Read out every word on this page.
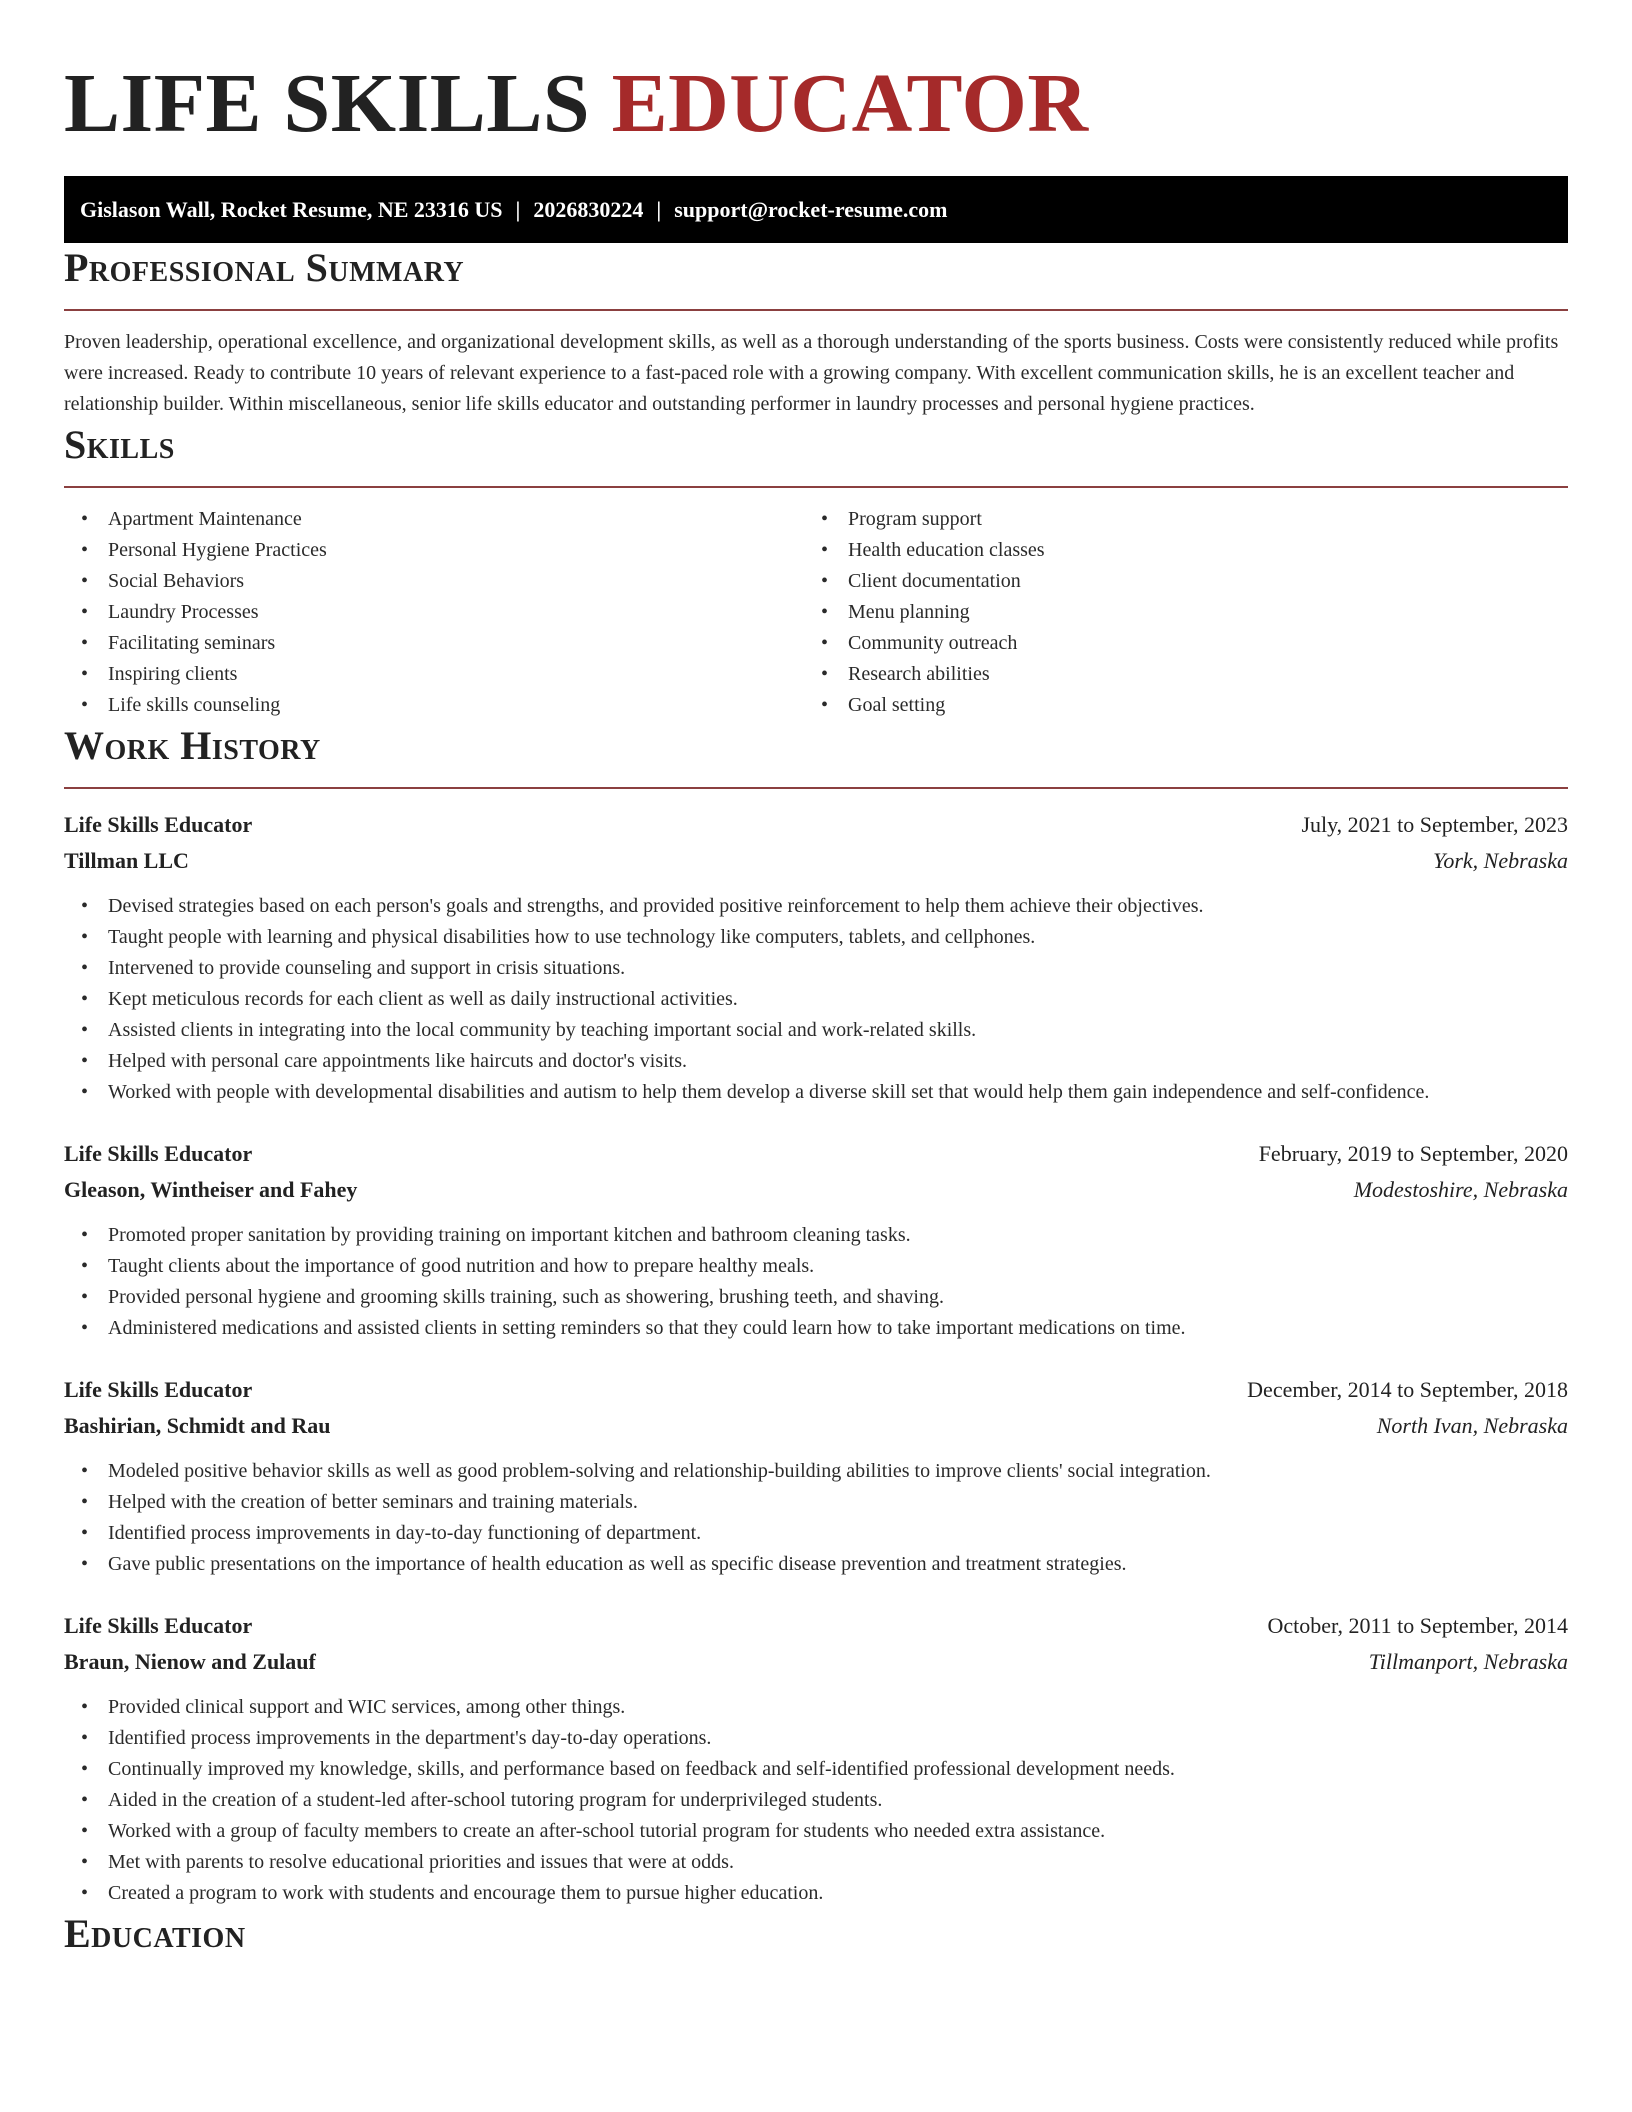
LIFE SKILLS EDUCATOR
Gislason Wall, Rocket Resume, NE 23316 US | 2026830224 | support@rocket-resume.com
Professional Summary

Proven leadership, operational excellence, and organizational development skills, as well as a thorough understanding of the sports business. Costs were consistently reduced while profits were increased. Ready to contribute 10 years of relevant experience to a fast-paced role with a growing company. With excellent communication skills, he is an excellent teacher and relationship builder. Within miscellaneous, senior life skills educator and outstanding performer in laundry processes and personal hygiene practices.

Skills
• Apartment Maintenance
• Personal Hygiene Practices
• Social Behaviors
• Laundry Processes
• Facilitating seminars
• Inspiring clients
• Life skills counseling
• Program support
• Health education classes
• Client documentation
• Menu planning
• Community outreach
• Research abilities
• Goal setting
Work History
Life Skills Educator	July, 2021 to September, 2023
Tillman LLC	York, Nebraska
• Devised strategies based on each person's goals and strengths, and provided positive reinforcement to help them achieve their objectives.
• Taught people with learning and physical disabilities how to use technology like computers, tablets, and cellphones.
• Intervened to provide counseling and support in crisis situations.
• Kept meticulous records for each client as well as daily instructional activities.
• Assisted clients in integrating into the local community by teaching important social and work-related skills.
• Helped with personal care appointments like haircuts and doctor's visits.
• Worked with people with developmental disabilities and autism to help them develop a diverse skill set that would help them gain independence and self-confidence.
Life Skills Educator	February, 2019 to September, 2020
Gleason, Wintheiser and Fahey	Modestoshire, Nebraska
• Promoted proper sanitation by providing training on important kitchen and bathroom cleaning tasks.
• Taught clients about the importance of good nutrition and how to prepare healthy meals.
• Provided personal hygiene and grooming skills training, such as showering, brushing teeth, and shaving.
• Administered medications and assisted clients in setting reminders so that they could learn how to take important medications on time.
Life Skills Educator	December, 2014 to September, 2018
Bashirian, Schmidt and Rau	North Ivan, Nebraska
• Modeled positive behavior skills as well as good problem-solving and relationship-building abilities to improve clients' social integration.
• Helped with the creation of better seminars and training materials.
• Identified process improvements in day-to-day functioning of department.
• Gave public presentations on the importance of health education as well as specific disease prevention and treatment strategies.
Life Skills Educator	October, 2011 to September, 2014
Braun, Nienow and Zulauf	Tillmanport, Nebraska
• Provided clinical support and WIC services, among other things.
• Identified process improvements in the department's day-to-day operations.
• Continually improved my knowledge, skills, and performance based on feedback and self-identified professional development needs.
• Aided in the creation of a student-led after-school tutoring program for underprivileged students.
• Worked with a group of faculty members to create an after-school tutorial program for students who needed extra assistance.
• Met with parents to resolve educational priorities and issues that were at odds.
• Created a program to work with students and encourage them to pursue higher education.
Education
